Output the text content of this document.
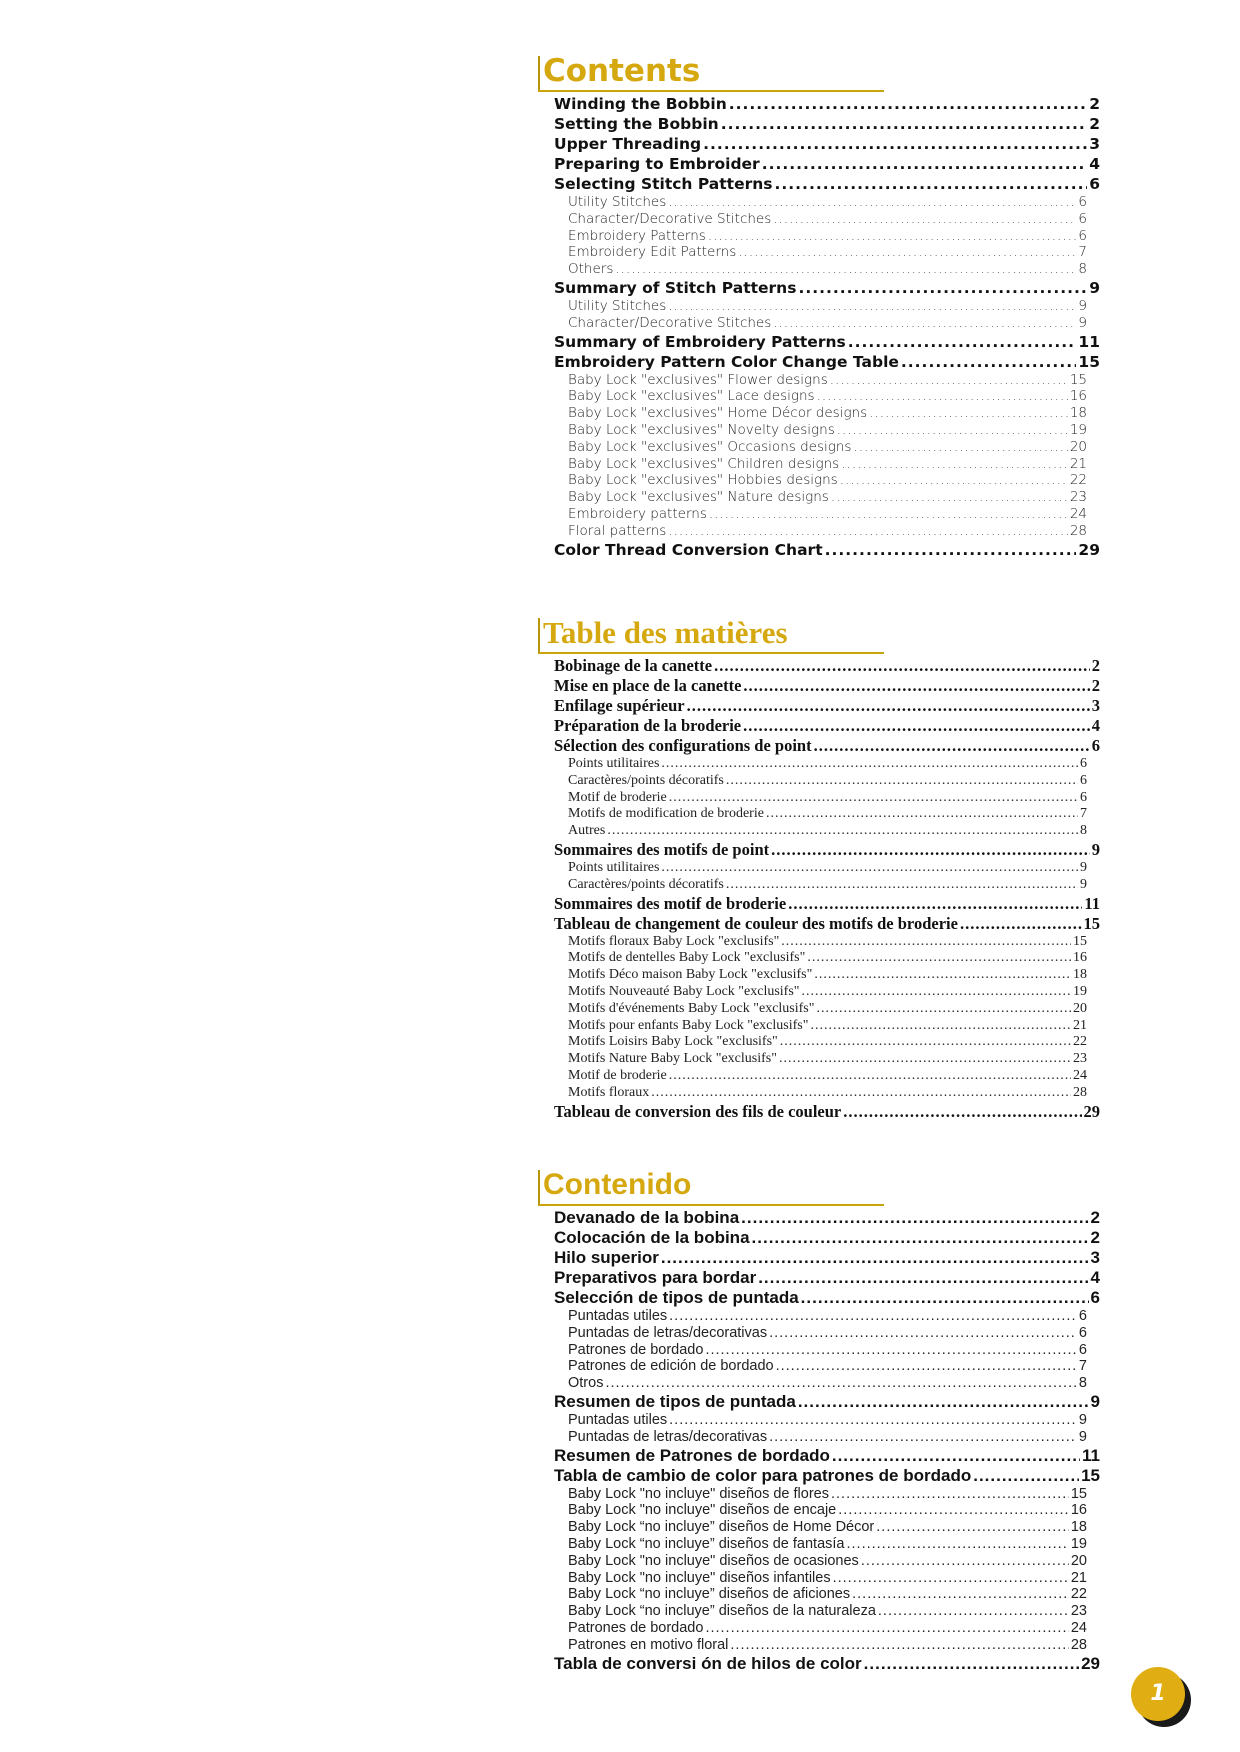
Contents
Winding the Bobbin .....	2
Setting the Bobbin .....	2
Upper Threading .....	3
Preparing to Embroider .....	4
Selecting Stitch Patterns .....	6
Utility Stitches .....	6
Character/Decorative Stitches .....	6
Embroidery Patterns .....	6
Embroidery Edit Patterns .....	7
Others .....	8
Summary of Stitch Patterns .....	9
Utility Stitches .....	9
Character/Decorative Stitches .....	9
Summary of Embroidery Patterns .....	11
Embroidery Pattern Color Change Table .....	15
Baby Lock "exclusives" Flower designs .....	15
Baby Lock "exclusives" Lace designs .....	16
Baby Lock "exclusives" Home Décor designs .....	18
Baby Lock "exclusives" Novelty designs .....	19
Baby Lock "exclusives" Occasions designs .....	20
Baby Lock "exclusives" Children designs .....	21
Baby Lock "exclusives" Hobbies designs .....	22
Baby Lock "exclusives" Nature designs .....	23
Embroidery patterns .....	24
Floral patterns .....	28
Color Thread Conversion Chart .....	29
Table des matières
Bobinage de la canette .....	2
Mise en place de la canette .....	2
Enfilage supérieur .....	3
Préparation de la broderie .....	4
Sélection des configurations de point .....	6
Points utilitaires .....	6
Caractères/points décoratifs .....	6
Motif de broderie .....	6
Motifs de modification de broderie .....	7
Autres .....	8
Sommaires des motifs de point .....	9
Points utilitaires .....	9
Caractères/points décoratifs .....	9
Sommaires des motif de broderie .....	11
Tableau de changement de couleur des motifs de broderie .....	15
Motifs floraux Baby Lock "exclusifs" .....	15
Motifs de dentelles Baby Lock "exclusifs" .....	16
Motifs Déco maison Baby Lock "exclusifs" .....	18
Motifs Nouveauté Baby Lock "exclusifs" .....	19
Motifs d'événements Baby Lock "exclusifs" .....	20
Motifs pour enfants Baby Lock "exclusifs" .....	21
Motifs Loisirs Baby Lock "exclusifs" .....	22
Motifs Nature Baby Lock "exclusifs" .....	23
Motif de broderie .....	24
Motifs floraux .....	28
Tableau de conversion des fils de couleur .....	29
Contenido
Devanado de la bobina .....	2
Colocación de la bobina .....	2
Hilo superior .....	3
Preparativos para bordar .....	4
Selección de tipos de puntada .....	6
Puntadas utiles .....	6
Puntadas de letras/decorativas .....	6
Patrones de bordado .....	6
Patrones de edición de bordado .....	7
Otros .....	8
Resumen de tipos de puntada .....	9
Puntadas utiles .....	9
Puntadas de letras/decorativas .....	9
Resumen de Patrones de bordado .....	11
Tabla de cambio de color para patrones de bordado .....	15
Baby Lock "no incluye" diseños de flores .....	15
Baby Lock "no incluye" diseños de encaje .....	16
Baby Lock “no incluye” diseños de Home Décor .....	18
Baby Lock “no incluye” diseños de fantasía .....	19
Baby Lock "no incluye" diseños de ocasiones .....	20
Baby Lock "no incluye" diseños infantiles .....	21
Baby Lock “no incluye” diseños de aficiones .....	22
Baby Lock “no incluye” diseños de la naturaleza .....	23
Patrones de bordado .....	24
Patrones en motivo floral .....	28
Tabla de conversi ón de hilos de color .....	29
1
